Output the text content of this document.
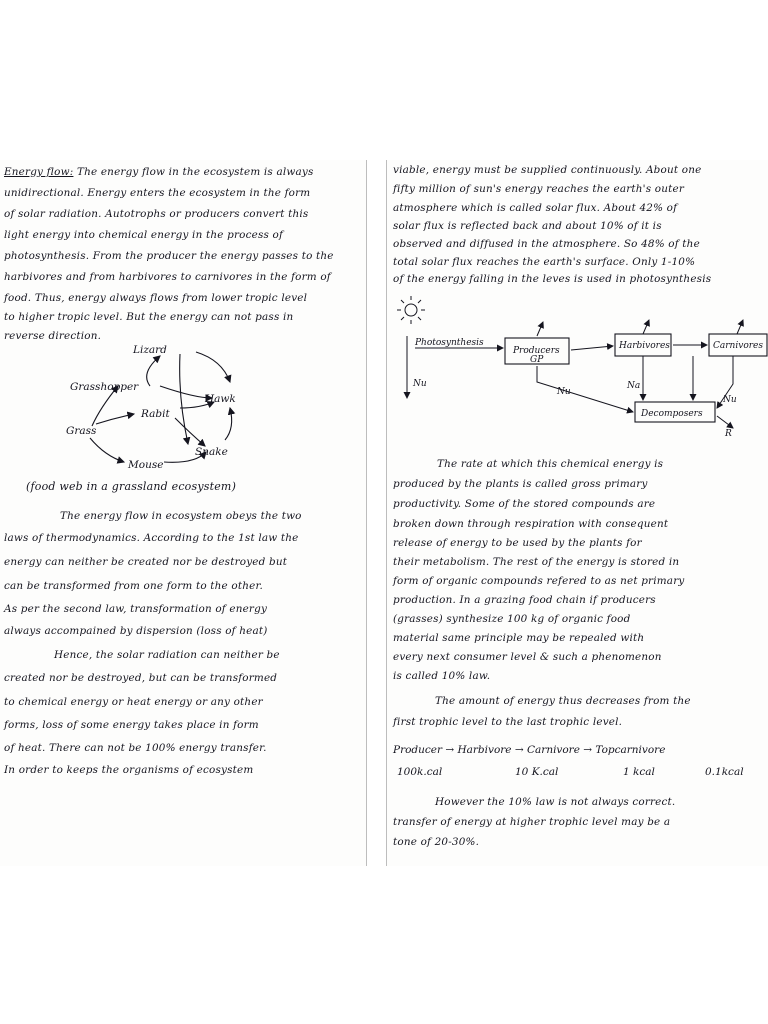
Energy flow: The energy flow in the ecosystem is always
unidirectional. Energy enters the ecosystem in the form
of solar radiation. Autotrophs or producers convert this
light energy into chemical energy in the process of
photosynthesis. From the producer the energy passes to the
harbivores and from harbivores to carnivores in the form of
food. Thus, energy always flows from lower tropic level
to higher tropic level. But the energy can not pass in
reverse direction.
Lizard
Grasshopper
Hawk
Rabit
Grass
Snake
Mouse
(food web in a grassland ecosystem)
The energy flow in ecosystem obeys the two
laws of thermodynamics. According to the 1st law the
energy can neither be created nor be destroyed but
can be transformed from one form to the other.
As per the second law, transformation of energy
always accompained by dispersion (loss of heat)
Hence, the solar radiation can neither be
created nor be destroyed, but can be transformed
to chemical energy or heat energy or any other
forms, loss of some energy takes place in form
of heat. There can not be 100% energy transfer.
In order to keeps the organisms of ecosystem
viable, energy must be supplied continuously. About one
fifty million of sun's energy reaches the earth's outer
atmosphere which is called solar flux. About 42% of
solar flux is reflected back and about 10% of it is
observed and diffused in the atmosphere. So 48% of the
total solar flux reaches the earth's surface. Only 1-10%
of the energy falling in the leves is used in photosynthesis
Photosynthesis
Producers
GP
Harbivores	Carnivores
Decomposers
Nu
Nu
Na
Nu
R
The rate at which this chemical energy is
produced by the plants is called gross primary
productivity. Some of the stored compounds are
broken down through respiration with consequent
release of energy to be used by the plants for
their metabolism. The rest of the energy is stored in
form of organic compounds refered to as net primary
production. In a grazing food chain if producers
(grasses) synthesize 100 kg of organic food
material same principle may be repealed with
every next consumer level & such a phenomenon
is called 10% law.
The amount of energy thus decreases from the
first trophic level to the last trophic level.
Producer → Harbivore → Carnivore → Topcarnivore
100k.cal	10 K.cal	1 kcal	0.1kcal
However the 10% law is not always correct.
transfer of energy at higher trophic level may be a
tone of 20-30%.
